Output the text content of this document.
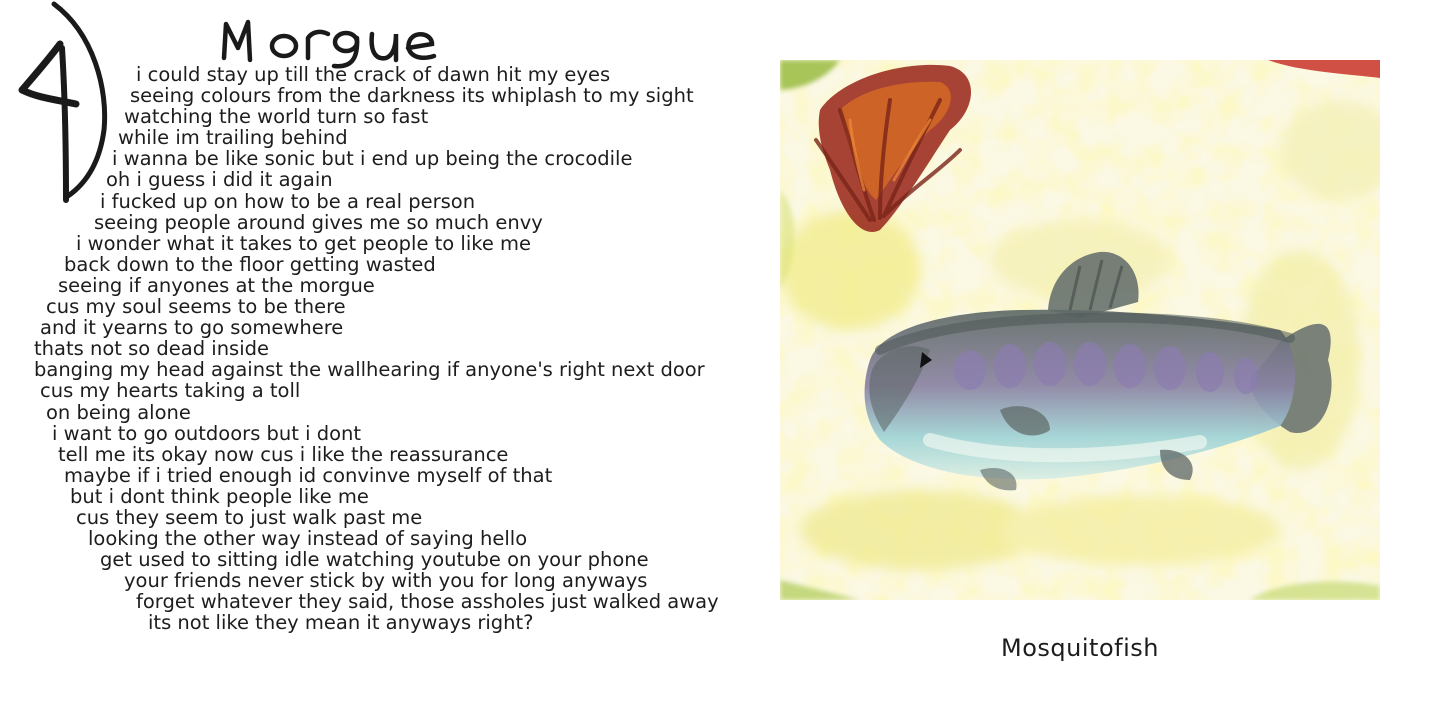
i could stay up till the crack of dawn hit my eyes
seeing colours from the darkness its whiplash to my sight
watching the world turn so fast
while im trailing behind
i wanna be like sonic but i end up being the crocodile
oh i guess i did it again
i fucked up on how to be a real person
seeing people around gives me so much envy
i wonder what it takes to get people to like me
back down to the floor getting wasted
seeing if anyones at the morgue
cus my soul seems to be there
and it yearns to go somewhere
thats not so dead inside
banging my head against the wallhearing if anyone's right next door
cus my hearts taking a toll
on being alone
i want to go outdoors but i dont
tell me its okay now cus i like the reassurance
maybe if i tried enough id convinve myself of that
but i dont think people like me
cus they seem to just walk past me
looking the other way instead of saying hello
get used to sitting idle watching youtube on your phone
your friends never stick by with you for long anyways
forget whatever they said, those assholes just walked away
its not like they mean it anyways right?
Mosquitofish
